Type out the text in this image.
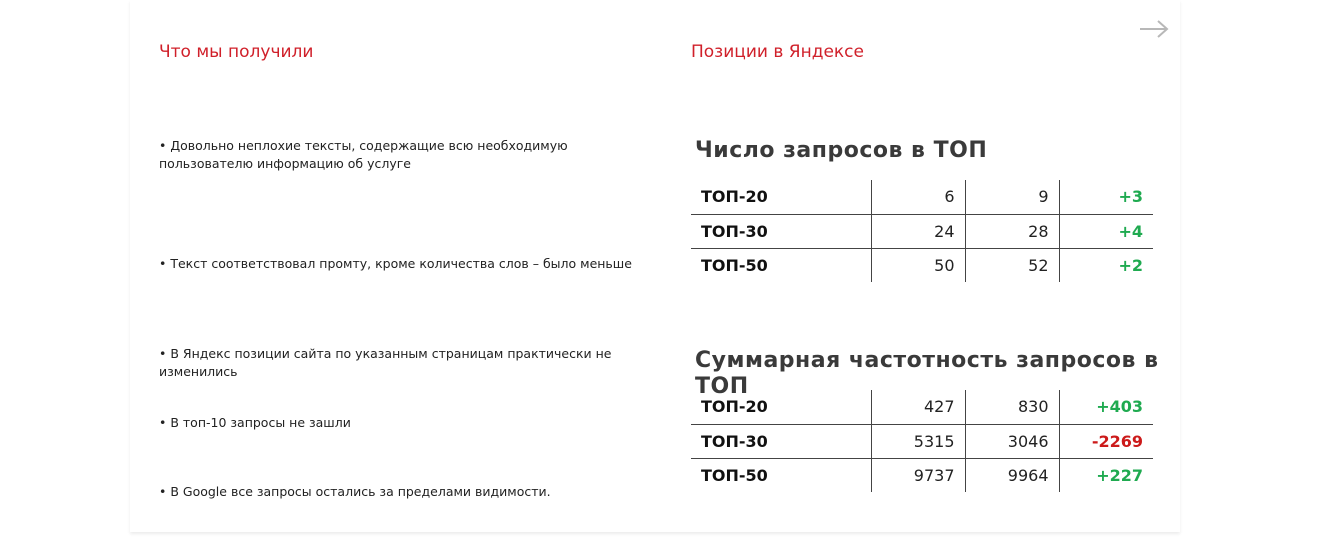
Что мы получили	Позиции в Яндексе

• Довольно неплохие тексты, содержащие всю необходимую пользователю информацию об услуге

• Текст соответствовал промту, кроме количества слов – было меньше

• В Яндекс позиции сайта по указанным страницам практически не изменились

• В топ-10 запросы не зашли

• В Google все запросы остались за пределами видимости.

Число запросов в ТОП
ТОП-20	6	9	+3
ТОП-30	24	28	+4
ТОП-50	50	52	+2
Суммарная частотность запросов в ТОП
ТОП-20	427	830	+403
ТОП-30	5315	3046	-2269
ТОП-50	9737	9964	+227
